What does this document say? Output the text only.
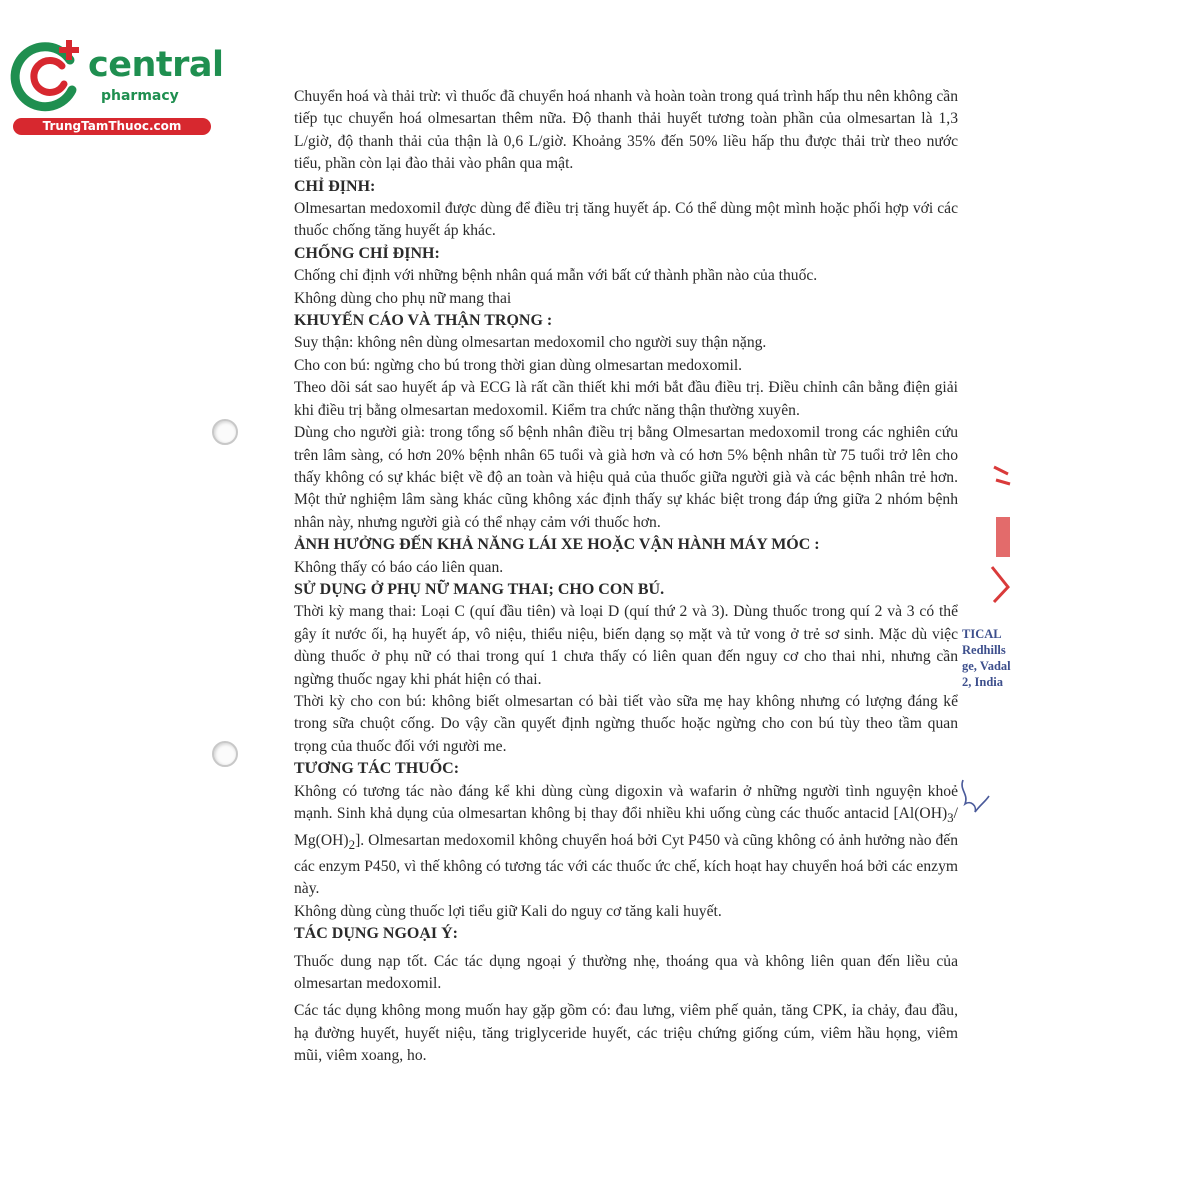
central
pharmacy
TrungTamThuoc.com

Chuyển hoá và thải trừ: vì thuốc đã chuyển hoá nhanh và hoàn toàn trong quá trình hấp thu nên không cần tiếp tục chuyển hoá olmesartan thêm nữa. Độ thanh thải huyết tương toàn phần của olmesartan là 1,3 L/giờ, độ thanh thải của thận là 0,6 L/giờ. Khoảng 35% đến 50% liều hấp thu được thải trừ theo nước tiểu, phần còn lại đào thải vào phân qua mật.

CHỈ ĐỊNH:

Olmesartan medoxomil được dùng để điều trị tăng huyết áp. Có thể dùng một mình hoặc phối hợp với các thuốc chống tăng huyết áp khác.

CHỐNG CHỈ ĐỊNH:

Chống chỉ định với những bệnh nhân quá mẫn với bất cứ thành phần nào của thuốc.

Không dùng cho phụ nữ mang thai

KHUYẾN CÁO VÀ THẬN TRỌNG :

Suy thận: không nên dùng olmesartan medoxomil cho người suy thận nặng.

Cho con bú: ngừng cho bú trong thời gian dùng olmesartan medoxomil.

Theo dõi sát sao huyết áp và ECG là rất cần thiết khi mới bắt đầu điều trị. Điều chỉnh cân bằng điện giải khi điều trị bằng olmesartan medoxomil. Kiểm tra chức năng thận thường xuyên.

Dùng cho người già: trong tổng số bệnh nhân điều trị bằng Olmesartan medoxomil trong các nghiên cứu trên lâm sàng, có hơn 20% bệnh nhân 65 tuổi và già hơn và có hơn 5% bệnh nhân từ 75 tuổi trở lên cho thấy không có sự khác biệt về độ an toàn và hiệu quả của thuốc giữa người già và các bệnh nhân trẻ hơn. Một thử nghiệm lâm sàng khác cũng không xác định thấy sự khác biệt trong đáp ứng giữa 2 nhóm bệnh nhân này, nhưng người già có thể nhạy cảm với thuốc hơn.

ẢNH HƯỞNG ĐẾN KHẢ NĂNG LÁI XE HOẶC VẬN HÀNH MÁY MÓC :

Không thấy có báo cáo liên quan.

SỬ DỤNG Ở PHỤ NỮ MANG THAI; CHO CON BÚ.

Thời kỳ mang thai: Loại C (quí đầu tiên) và loại D (quí thứ 2 và 3). Dùng thuốc trong quí 2 và 3 có thể gây ít nước ối, hạ huyết áp, vô niệu, thiểu niệu, biến dạng sọ mặt và tử vong ở trẻ sơ sinh. Mặc dù việc dùng thuốc ở phụ nữ có thai trong quí 1 chưa thấy có liên quan đến nguy cơ cho thai nhi, nhưng cần ngừng thuốc ngay khi phát hiện có thai.

Thời kỳ cho con bú: không biết olmesartan có bài tiết vào sữa mẹ hay không nhưng có lượng đáng kể trong sữa chuột cống. Do vậy cần quyết định ngừng thuốc hoặc ngừng cho con bú tùy theo tầm quan trọng của thuốc đối với người me.

TƯƠNG TÁC THUỐC:

Không có tương tác nào đáng kể khi dùng cùng digoxin và wafarin ở những người tình nguyện khoẻ mạnh. Sinh khả dụng của olmesartan không bị thay đổi nhiều khi uống cùng các thuốc antacid [$Al(OH)_3/$ $Mg(OH)_2$]. Olmesartan medoxomil không chuyển hoá bởi Cyt P450 và cũng không có ảnh hưởng nào đến các enzym P450, vì thế không có tương tác với các thuốc ức chế, kích hoạt hay chuyển hoá bởi các enzym này.

Không dùng cùng thuốc lợi tiểu giữ Kali do nguy cơ tăng kali huyết.

TÁC DỤNG NGOẠI Ý:

Thuốc dung nạp tốt. Các tác dụng ngoại ý thường nhẹ, thoáng qua và không liên quan đến liều của olmesartan medoxomil.

Các tác dụng không mong muốn hay gặp gồm có: đau lưng, viêm phế quản, tăng CPK, ỉa chảy, đau đầu, hạ đường huyết, huyết niệu, tăng triglyceride huyết, các triệu chứng giống cúm, viêm hầu họng, viêm mũi, viêm xoang, ho.

TICAL
Redhills
ge, Vadal
2, India
